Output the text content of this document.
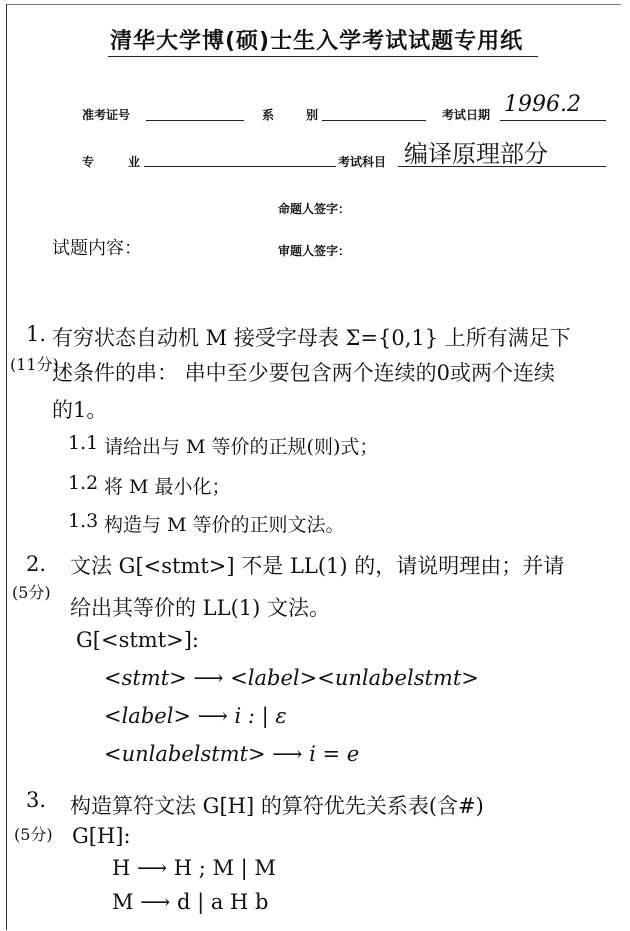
清华大学博(硕)士生入学考试试题专用纸
准考证号	系	别	考试日期 1996.2
专	业	考试科目 编译原理部分
命题人签字：
试题内容：	审题人签字：
1. 有穷状态自动机 M 接受字母表 Σ={0,1} 上所有满足下
(11分)
述条件的串： 串中至少要包含两个连续的0或两个连续
的1。
1.1 请给出与 M 等价的正规(则)式；
1.2 将 M 最小化；
1.3 构造与 M 等价的正则文法。
2. 文法 G[<stmt>] 不是 LL(1) 的，请说明理由；并请
(5分)
给出其等价的 LL(1) 文法。
G[<stmt>]:
<stmt> ⟶ <label><unlabelstmt>
<label> ⟶ i : | ε
<unlabelstmt> ⟶ i = e
3. 构造算符文法 G[H] 的算符优先关系表(含#)
(5分) G[H]:
H ⟶ H ; M | M
M ⟶ d | a H b
